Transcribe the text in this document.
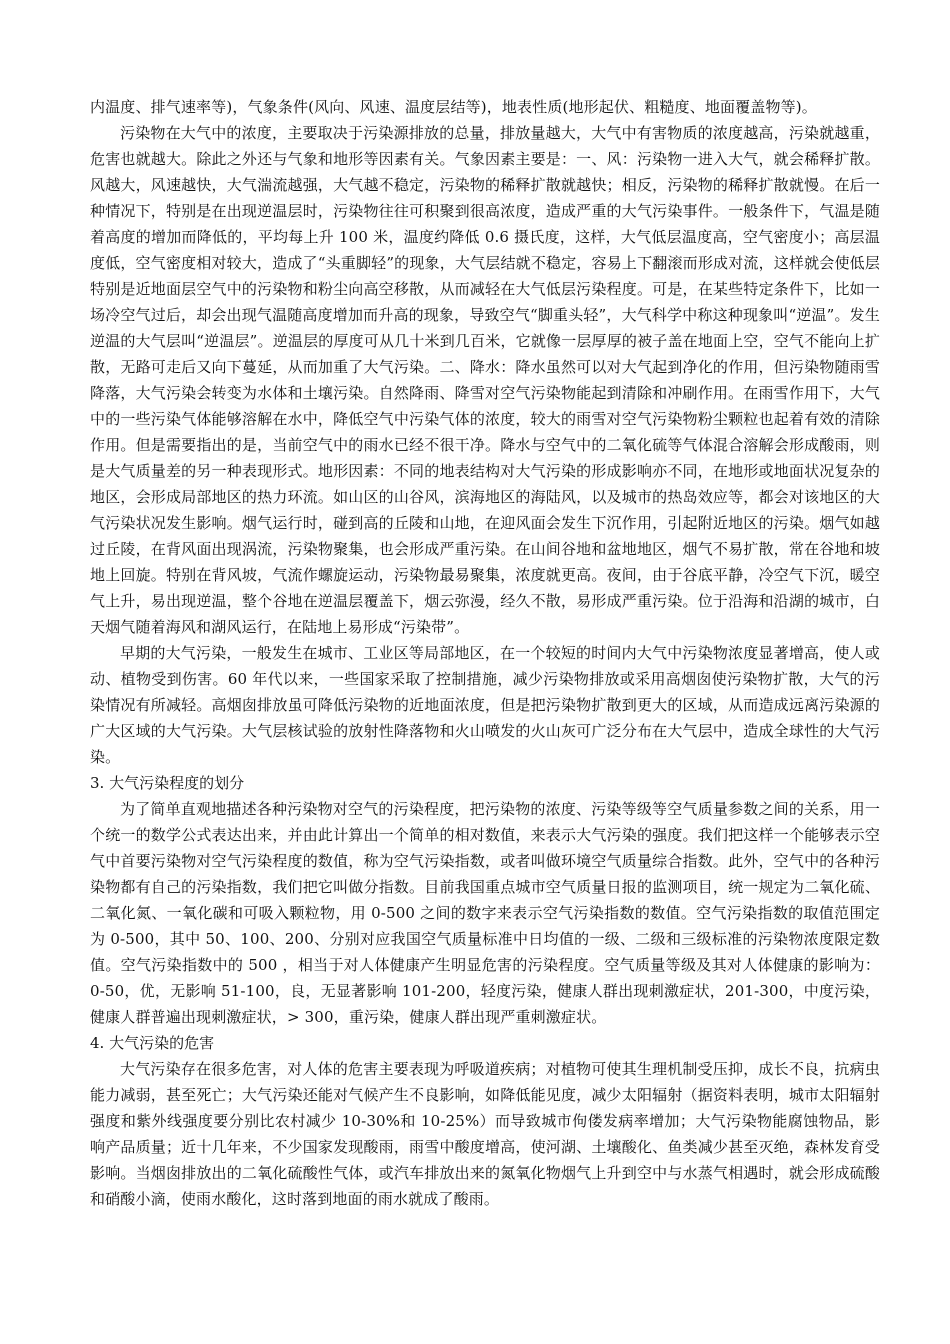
内温度、排气速率等)，气象条件(风向、风速、温度层结等)，地表性质(地形起伏、粗糙度、地面覆盖物等)。

污染物在大气中的浓度，主要取决于污染源排放的总量，排放量越大，大气中有害物质的浓度越高，污染就越重，危害也就越大。除此之外还与气象和地形等因素有关。气象因素主要是：一、风：污染物一进入大气，就会稀释扩散。风越大，风速越快，大气湍流越强，大气越不稳定，污染物的稀释扩散就越快；相反，污染物的稀释扩散就慢。在后一种情况下，特别是在出现逆温层时，污染物往往可积聚到很高浓度，造成严重的大气污染事件。一般条件下，气温是随着高度的增加而降低的，平均每上升 100 米，温度约降低 0.6 摄氏度，这样，大气低层温度高，空气密度小；高层温度低，空气密度相对较大，造成了“头重脚轻”的现象，大气层结就不稳定，容易上下翻滚而形成对流，这样就会使低层特别是近地面层空气中的污染物和粉尘向高空移散，从而减轻在大气低层污染程度。可是，在某些特定条件下，比如一场冷空气过后，却会出现气温随高度增加而升高的现象，导致空气“脚重头轻”，大气科学中称这种现象叫“逆温”。发生逆温的大气层叫“逆温层”。逆温层的厚度可从几十米到几百米，它就像一层厚厚的被子盖在地面上空，空气不能向上扩散，无路可走后又向下蔓延，从而加重了大气污染。二、降水：降水虽然可以对大气起到净化的作用，但污染物随雨雪降落，大气污染会转变为水体和土壤污染。自然降雨、降雪对空气污染物能起到清除和冲刷作用。在雨雪作用下，大气中的一些污染气体能够溶解在水中，降低空气中污染气体的浓度，较大的雨雪对空气污染物粉尘颗粒也起着有效的清除作用。但是需要指出的是，当前空气中的雨水已经不很干净。降水与空气中的二氧化硫等气体混合溶解会形成酸雨，则是大气质量差的另一种表现形式。地形因素：不同的地表结构对大气污染的形成影响亦不同，在地形或地面状况复杂的地区，会形成局部地区的热力环流。如山区的山谷风，滨海地区的海陆风，以及城市的热岛效应等，都会对该地区的大气污染状况发生影响。烟气运行时，碰到高的丘陵和山地，在迎风面会发生下沉作用，引起附近地区的污染。烟气如越过丘陵，在背风面出现涡流，污染物聚集，也会形成严重污染。在山间谷地和盆地地区，烟气不易扩散，常在谷地和坡地上回旋。特别在背风坡，气流作螺旋运动，污染物最易聚集，浓度就更高。夜间，由于谷底平静，冷空气下沉，暖空气上升，易出现逆温，整个谷地在逆温层覆盖下，烟云弥漫，经久不散，易形成严重污染。位于沿海和沿湖的城市，白天烟气随着海风和湖风运行，在陆地上易形成“污染带”。

早期的大气污染，一般发生在城市、工业区等局部地区，在一个较短的时间内大气中污染物浓度显著增高，使人或动、植物受到伤害。60 年代以来，一些国家采取了控制措施，减少污染物排放或采用高烟囱使污染物扩散，大气的污染情况有所减轻。高烟囱排放虽可降低污染物的近地面浓度，但是把污染物扩散到更大的区域，从而造成远离污染源的广大区域的大气污染。大气层核试验的放射性降落物和火山喷发的火山灰可广泛分布在大气层中，造成全球性的大气污染。

3. 大气污染程度的划分

为了简单直观地描述各种污染物对空气的污染程度，把污染物的浓度、污染等级等空气质量参数之间的关系，用一个统一的数学公式表达出来，并由此计算出一个简单的相对数值，来表示大气污染的强度。我们把这样一个能够表示空气中首要污染物对空气污染程度的数值，称为空气污染指数，或者叫做环境空气质量综合指数。此外，空气中的各种污染物都有自己的污染指数，我们把它叫做分指数。目前我国重点城市空气质量日报的监测项目，统一规定为二氧化硫、二氧化氮、一氧化碳和可吸入颗粒物，用 0-500 之间的数字来表示空气污染指数的数值。空气污染指数的取值范围定为 0-500，其中 50、100、200、分别对应我国空气质量标准中日均值的一级、二级和三级标准的污染物浓度限定数值。空气污染指数中的 500 ，相当于对人体健康产生明显危害的污染程度。空气质量等级及其对人体健康的影响为：0-50，优，无影响 51-100，良，无显著影响 101-200，轻度污染，健康人群出现刺激症状，201-300，中度污染，健康人群普遍出现刺激症状，> 300，重污染，健康人群出现严重刺激症状。

4. 大气污染的危害

大气污染存在很多危害，对人体的危害主要表现为呼吸道疾病；对植物可使其生理机制受压抑，成长不良，抗病虫能力减弱，甚至死亡；大气污染还能对气候产生不良影响，如降低能见度，减少太阳辐射（据资料表明，城市太阳辐射强度和紫外线强度要分别比农村减少 10-30%和 10-25%）而导致城市佝偻发病率增加；大气污染物能腐蚀物品，影响产品质量；近十几年来，不少国家发现酸雨，雨雪中酸度增高，使河湖、土壤酸化、鱼类减少甚至灭绝，森林发育受影响。当烟囱排放出的二氧化硫酸性气体，或汽车排放出来的氮氧化物烟气上升到空中与水蒸气相遇时，就会形成硫酸和硝酸小滴，使雨水酸化，这时落到地面的雨水就成了酸雨。
